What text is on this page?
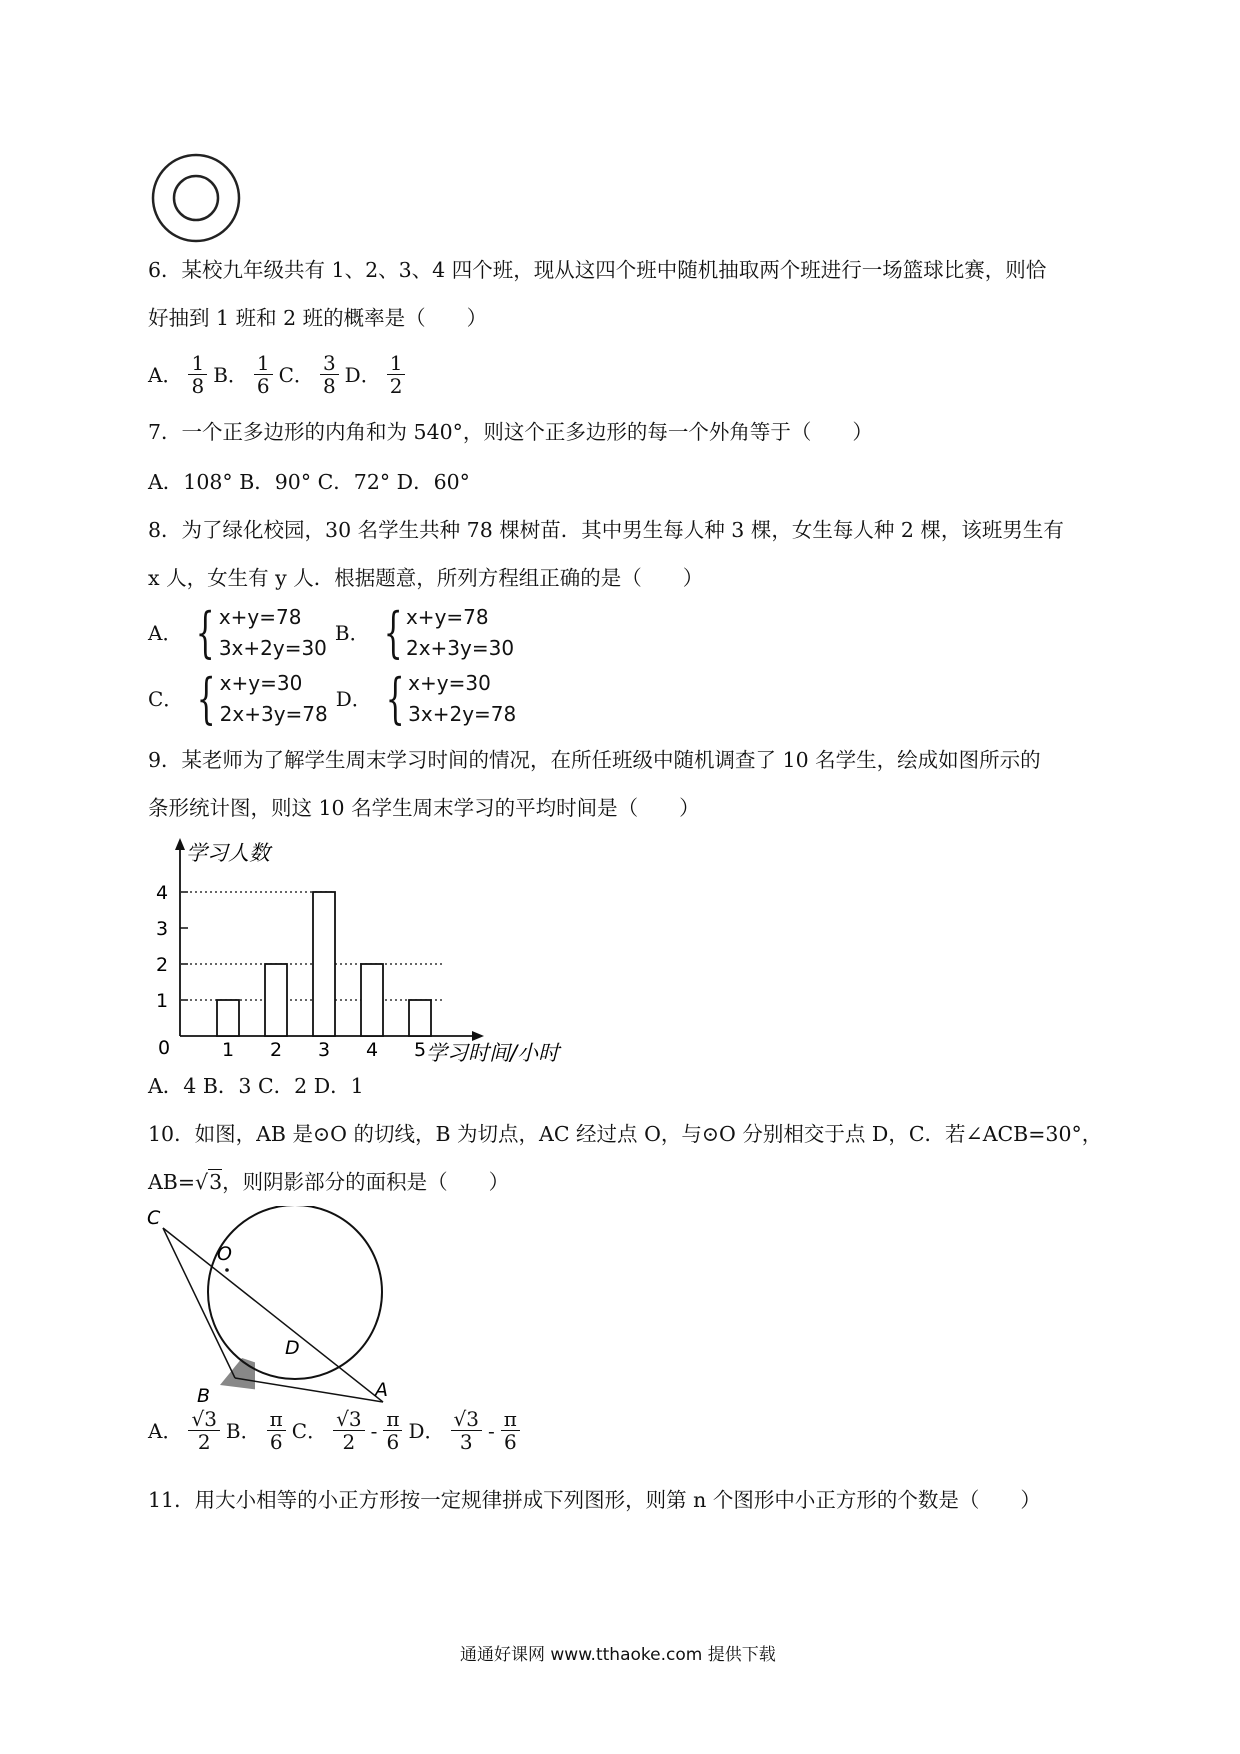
6．某校九年级共有 1、2、3、4 四个班，现从这四个班中随机抽取两个班进行一场篮球比赛，则恰
好抽到 1 班和 2 班的概率是（　　）
A． $\frac{1}{8}$ B． $\frac{1}{6}$ C． $\frac{3}{8}$ D． $\frac{1}{2}$
7．一个正多边形的内角和为 540°，则这个正多边形的每一个外角等于（　　）
A．108° B．90° C．72° D．60°
8．为了绿化校园，30 名学生共种 78 棵树苗．其中男生每人种 3 棵，女生每人种 2 棵，该班男生有
x 人，女生有 y 人．根据题意，所列方程组正确的是（　　）
A． { x+y=78
3x+2y=30
B． { x+y=78
2x+3y=30
C． { x+y=30
2x+3y=78
D． { x+y=30
3x+2y=78
9．某老师为了解学生周末学习时间的情况，在所任班级中随机调查了 10 名学生，绘成如图所示的
条形统计图，则这 10 名学生周末学习的平均时间是（　　）
学习人数
学习时间/小时
0
1
2
3
4
1 2 3 4 5
A．4 B．3 C．2 D．1
10．如图，AB 是⊙O 的切线，B 为切点，AC 经过点 O，与⊙O 分别相交于点 D，C．若∠ACB=30°，
AB=√3，则阴影部分的面积是（　　）
C
O
D
B	A
A． $\frac{√3}{2}$ B． $\frac{\pi}{6}$ C． $\frac{√3}{2} - \frac{\pi}{6}$ D． $\frac{√3}{3} - \frac{\pi}{6}$
11．用大小相等的小正方形按一定规律拼成下列图形，则第 n 个图形中小正方形的个数是（　　）
通通好课网 www.tthaoke.com 提供下载
